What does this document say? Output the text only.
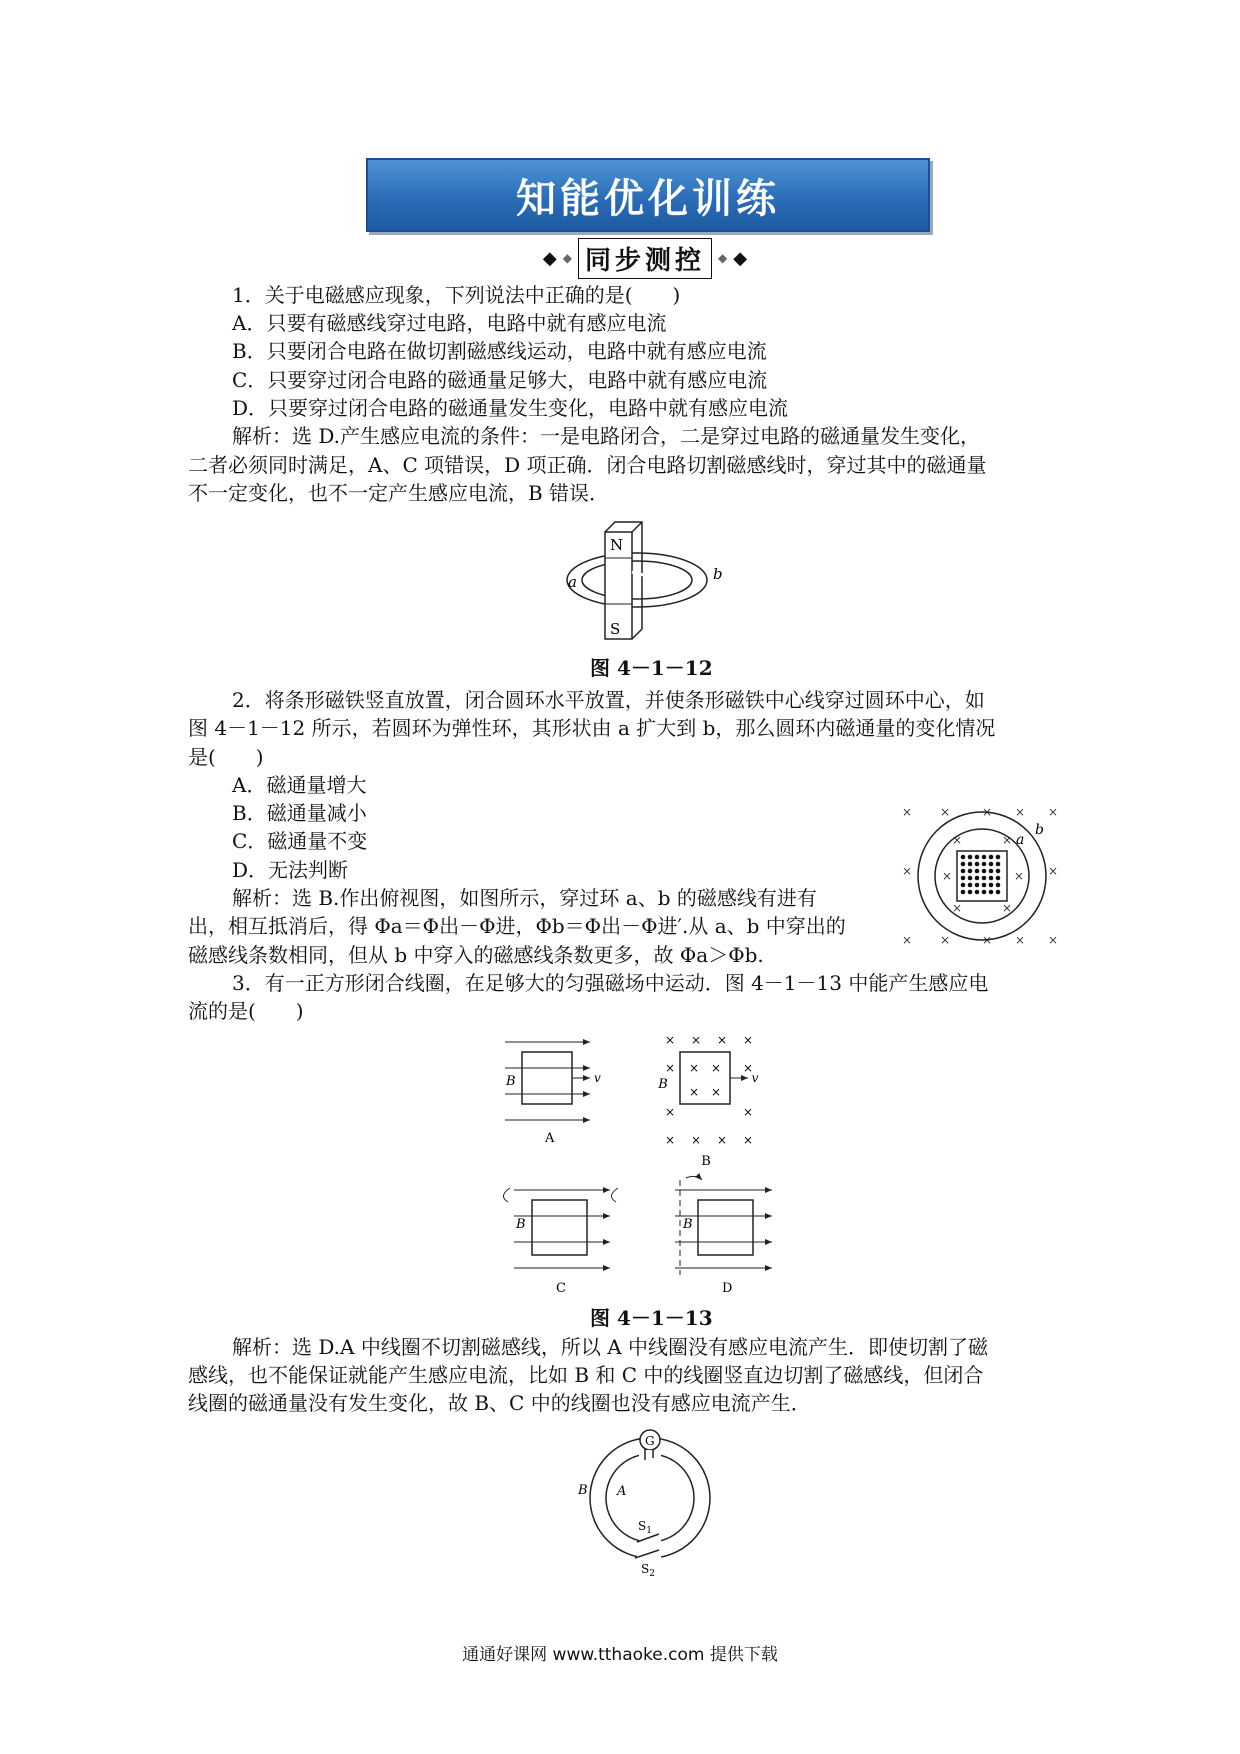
知能优化训练
◆ ◆ 同步测控	◆ ◆
1．关于电磁感应现象，下列说法中正确的是(　　)
A．只要有磁感线穿过电路，电路中就有感应电流
B．只要闭合电路在做切割磁感线运动，电路中就有感应电流
C．只要穿过闭合电路的磁通量足够大，电路中就有感应电流
D．只要穿过闭合电路的磁通量发生变化，电路中就有感应电流
解析：选 D.产生感应电流的条件：一是电路闭合，二是穿过电路的磁通量发生变化，
二者必须同时满足，A、C 项错误，D 项正确．闭合电路切割磁感线时，穿过其中的磁通量
不一定变化，也不一定产生感应电流，B 错误．
N
S
a	b
图 4－1－12
2．将条形磁铁竖直放置，闭合圆环水平放置，并使条形磁铁中心线穿过圆环中心，如
图 4－1－12 所示，若圆环为弹性环，其形状由 a 扩大到 b，那么圆环内磁通量的变化情况
是(　　)
A．磁通量增大
B．磁通量减小
C．磁通量不变
D．无法判断
解析：选 B.作出俯视图，如图所示，穿过环 a、b 的磁感线有进有
出，相互抵消后，得 Φa＝Φ出－Φ进，Φb＝Φ出－Φ进′.从 a、b 中穿出的
磁感线条数相同，但从 b 中穿入的磁感线条数更多，故 Φa＞Φb.
× ×	× × ×
×	×
× ×	× × ×
×	×
×	×
×	×
a
b
3．有一正方形闭合线圈，在足够大的匀强磁场中运动．图 4－1－13 中能产生感应电
流的是(　　)
B	v
A
× × × ×
×	×
×	×
× × × ×
× ×
× ×
B	v
B
B
C
B
D
图 4－1－13
解析：选 D.A 中线圈不切割磁感线，所以 A 中线圈没有感应电流产生．即使切割了磁
感线，也不能保证就能产生感应电流，比如 B 和 C 中的线圈竖直边切割了磁感线，但闭合
线圈的磁通量没有发生变化，故 B、C 中的线圈也没有感应电流产生．
G
B A
$S_1$
$S_2$
通通好课网 www.tthaoke.com 提供下载
